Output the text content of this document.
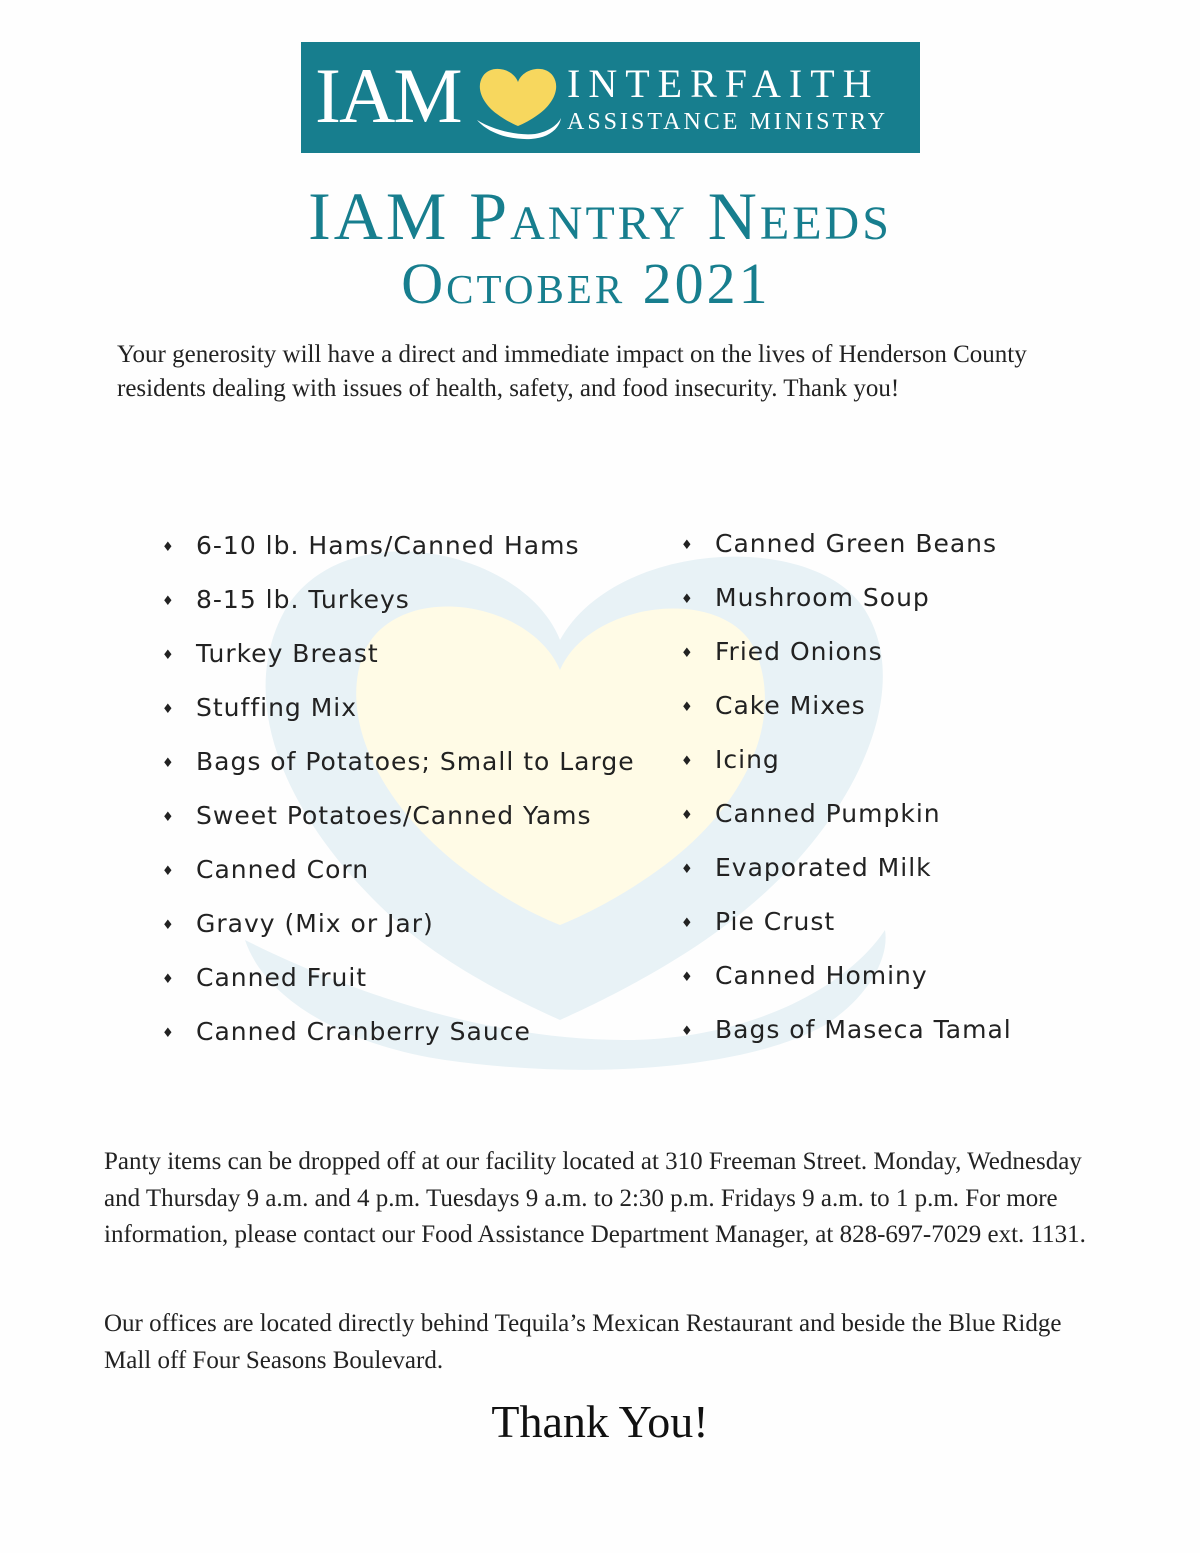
IAM	INTERFAITH
ASSISTANCE MINISTRY
IAM Pantry Needs
October 2021
Your generosity will have a direct and immediate impact on the lives of Henderson County residents dealing with issues of health, safety, and food insecurity. Thank you!
♦ 6-10 lb. Hams/Canned Hams
♦ 8-15 lb. Turkeys
♦ Turkey Breast
♦ Stuffing Mix
♦ Bags of Potatoes; Small to Large
♦ Sweet Potatoes/Canned Yams
♦ Canned Corn
♦ Gravy (Mix or Jar)
♦ Canned Fruit
♦ Canned Cranberry Sauce
♦ Canned Green Beans
♦ Mushroom Soup
♦ Fried Onions
♦ Cake Mixes
♦ Icing
♦ Canned Pumpkin
♦ Evaporated Milk
♦ Pie Crust
♦ Canned Hominy
♦ Bags of Maseca Tamal
Panty items can be dropped off at our facility located at 310 Freeman Street. Monday, Wednesday and Thursday 9 a.m. and 4 p.m. Tuesdays 9 a.m. to 2:30 p.m. Fridays 9 a.m. to 1 p.m. For more information, please contact our Food Assistance Department Manager, at 828-697-7029 ext. 1131.
Our offices are located directly behind Tequila’s Mexican Restaurant and beside the Blue Ridge Mall off Four Seasons Boulevard.
Thank You!
